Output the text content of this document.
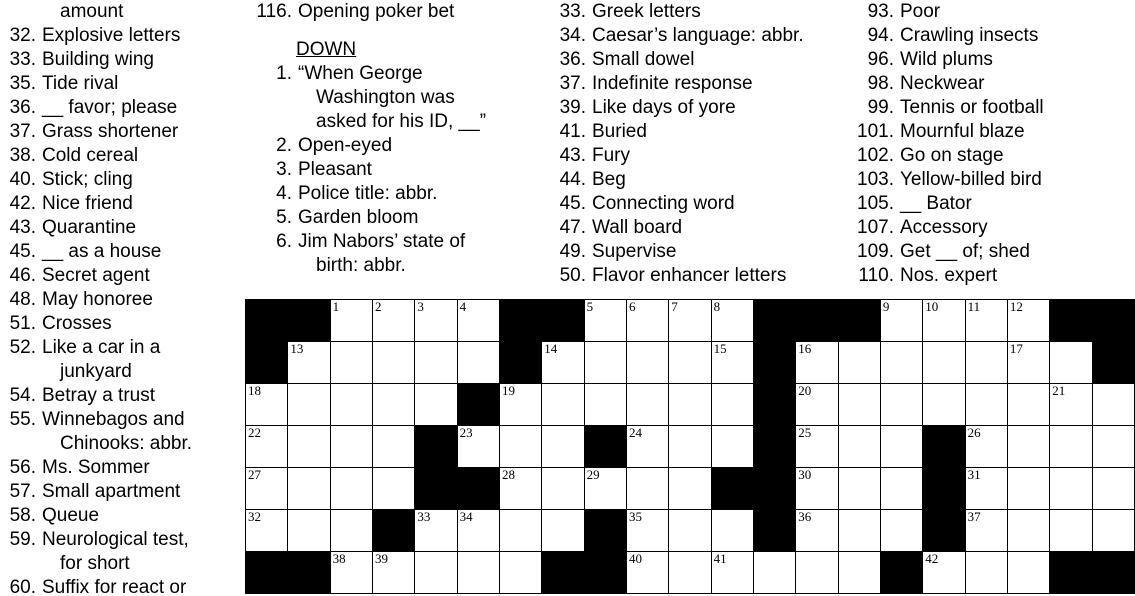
amount
32. Explosive letters
33. Building wing
35. Tide rival
36. __ favor; please
37. Grass shortener
38. Cold cereal
40. Stick; cling
42. Nice friend
43. Quarantine
45. __ as a house
46. Secret agent
48. May honoree
51. Crosses
52. Like a car in a
junkyard
54. Betray a trust
55. Winnebagos and
Chinooks: abbr.
56. Ms. Sommer
57. Small apartment
58. Queue
59. Neurological test,
for short
60. Suffix for react or
116. Opening poker bet
DOWN
1. “When George
Washington was
asked for his ID, __”
2. Open-eyed
3. Pleasant
4. Police title: abbr.
5. Garden bloom
6. Jim Nabors’ state of
birth: abbr.
33. Greek letters
34. Caesar’s language: abbr.
36. Small dowel
37. Indefinite response
39. Like days of yore
41. Buried
43. Fury
44. Beg
45. Connecting word
47. Wall board
49. Supervise
50. Flavor enhancer letters
93. Poor
94. Crawling insects
96. Wild plums
98. Neckwear
99. Tennis or football
101. Mournful blaze
102. Go on stage
103. Yellow-billed bird
105. __ Bator
107. Accessory
109. Get __ of; shed
110. Nos. expert

		1	2	3	4			5	6	7	8				9	10	11	12		

	13						14				15		16					17		

18						19							20						21	

22					23				24				25				26			

27						28		29					30				31			

32				33	34				35				36				37			

		38	39						40		41					42				
